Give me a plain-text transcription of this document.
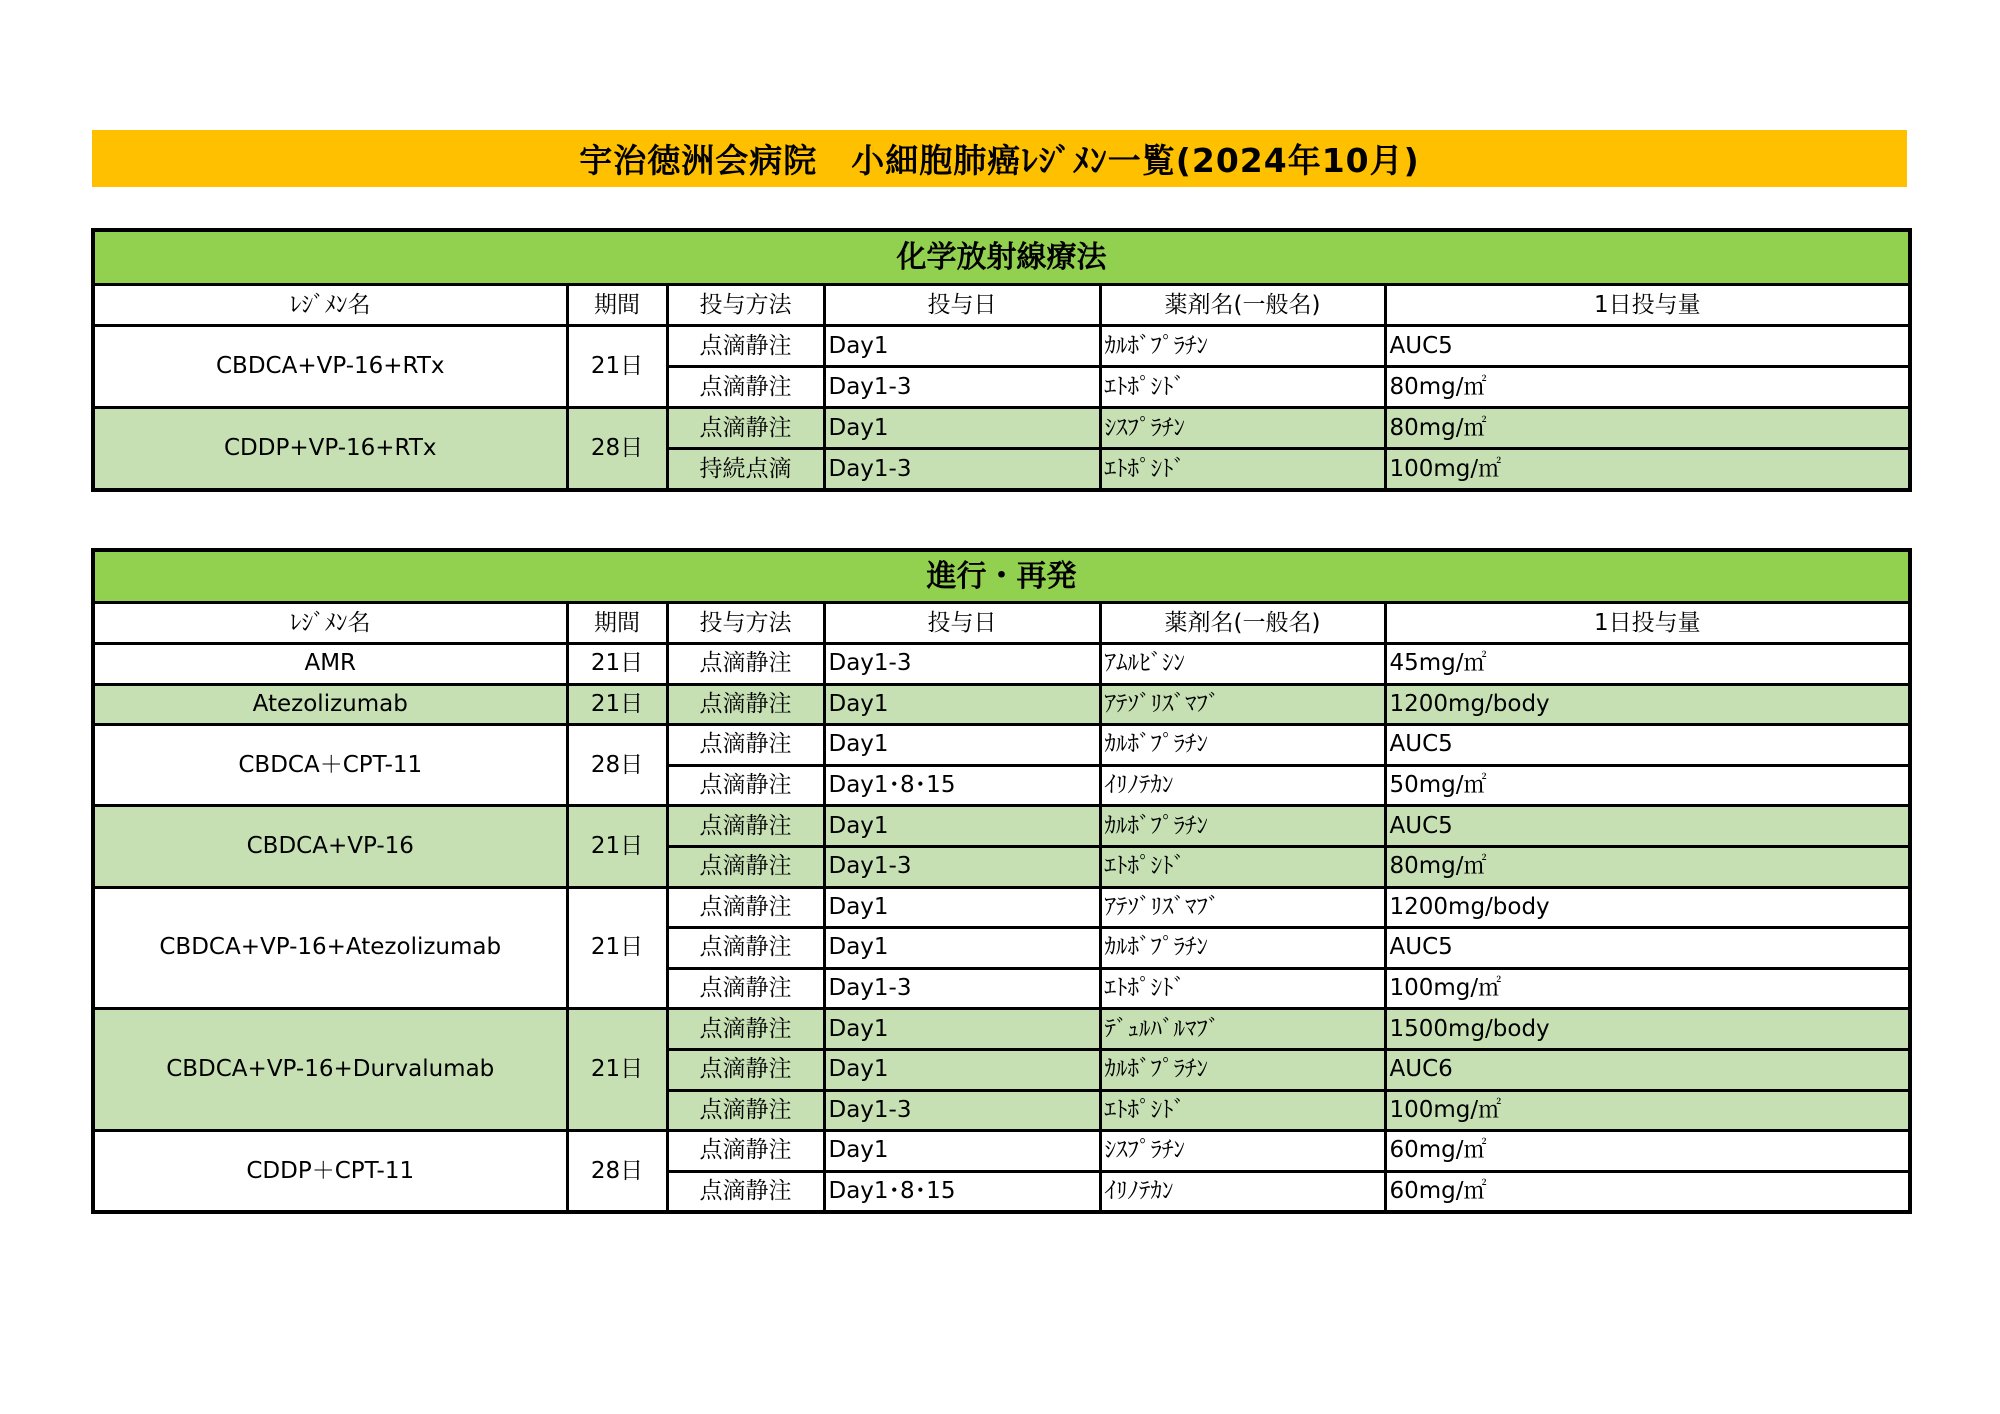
宇治徳洲会病院　小細胞肺癌ﾚｼﾞﾒﾝ一覧(2024年10月)
化学放射線療法					
ﾚｼﾞﾒﾝ名	期間	投与方法	投与日	薬剤名(一般名)	1日投与量
CBDCA+VP-16+RTx	21日	点滴静注	Day1	ｶﾙﾎﾞﾌﾟﾗﾁﾝ	AUC5
		点滴静注	Day1-3	ｴﾄﾎﾟｼﾄﾞ	80mg/㎡
CDDP+VP-16+RTx	28日	点滴静注	Day1	ｼｽﾌﾟﾗﾁﾝ	80mg/㎡
		持続点滴	Day1-3	ｴﾄﾎﾟｼﾄﾞ	100mg/㎡
進行・再発					
ﾚｼﾞﾒﾝ名	期間	投与方法	投与日	薬剤名(一般名)	1日投与量
AMR	21日	点滴静注	Day1-3	ｱﾑﾙﾋﾞｼﾝ	45mg/㎡
Atezolizumab	21日	点滴静注	Day1	ｱﾃｿﾞﾘｽﾞﾏﾌﾞ	1200mg/body
CBDCA＋CPT-11	28日	点滴静注	Day1	ｶﾙﾎﾞﾌﾟﾗﾁﾝ	AUC5
		点滴静注	Day1･8･15	ｲﾘﾉﾃｶﾝ	50mg/㎡
CBDCA+VP-16	21日	点滴静注	Day1	ｶﾙﾎﾞﾌﾟﾗﾁﾝ	AUC5
		点滴静注	Day1-3	ｴﾄﾎﾟｼﾄﾞ	80mg/㎡
CBDCA+VP-16+Atezolizumab	21日	点滴静注	Day1	ｱﾃｿﾞﾘｽﾞﾏﾌﾞ	1200mg/body
		点滴静注	Day1	ｶﾙﾎﾞﾌﾟﾗﾁﾝ	AUC5
		点滴静注	Day1-3	ｴﾄﾎﾟｼﾄﾞ	100mg/㎡
CBDCA+VP-16+Durvalumab	21日	点滴静注	Day1	ﾃﾞｭﾙﾊﾞﾙﾏﾌﾞ	1500mg/body
		点滴静注	Day1	ｶﾙﾎﾞﾌﾟﾗﾁﾝ	AUC6
		点滴静注	Day1-3	ｴﾄﾎﾟｼﾄﾞ	100mg/㎡
CDDP＋CPT-11	28日	点滴静注	Day1	ｼｽﾌﾟﾗﾁﾝ	60mg/㎡
		点滴静注	Day1･8･15	ｲﾘﾉﾃｶﾝ	60mg/㎡
